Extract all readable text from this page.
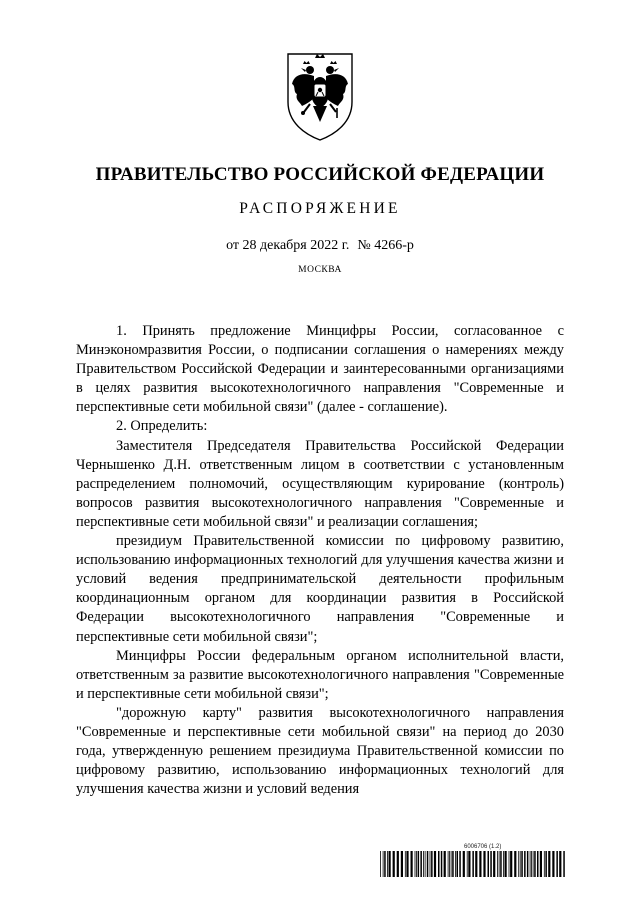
ПРАВИТЕЛЬСТВО РОССИЙСКОЙ ФЕДЕРАЦИИ
РАСПОРЯЖЕНИЕ
от 28 декабря 2022 г. № 4266-р
МОСКВА

1. Принять предложение Минцифры России, согласованное с Минэкономразвития России, о подписании соглашения о намерениях между Правительством Российской Федерации и заинтересованными организациями в целях развития высокотехнологичного направления "Современные и перспективные сети мобильной связи" (далее - соглашение).

2. Определить:

Заместителя Председателя Правительства Российской Федерации Чернышенко Д.Н. ответственным лицом в соответствии с установленным распределением полномочий, осуществляющим курирование (контроль) вопросов развития высокотехнологичного направления "Современные и перспективные сети мобильной связи" и реализации соглашения;

президиум Правительственной комиссии по цифровому развитию, использованию информационных технологий для улучшения качества жизни и условий ведения предпринимательской деятельности профильным координационным органом для координации развития в Российской Федерации высокотехнологичного направления "Современные и перспективные сети мобильной связи";

Минцифры России федеральным органом исполнительной власти, ответственным за развитие высокотехнологичного направления "Современные и перспективные сети мобильной связи";

"дорожную карту" развития высокотехнологичного направления "Современные и перспективные сети мобильной связи" на период до 2030 года, утвержденную решением президиума Правительственной комиссии по цифровому развитию, использованию информационных технологий для улучшения качества жизни и условий ведения

6006706 (1.2)
